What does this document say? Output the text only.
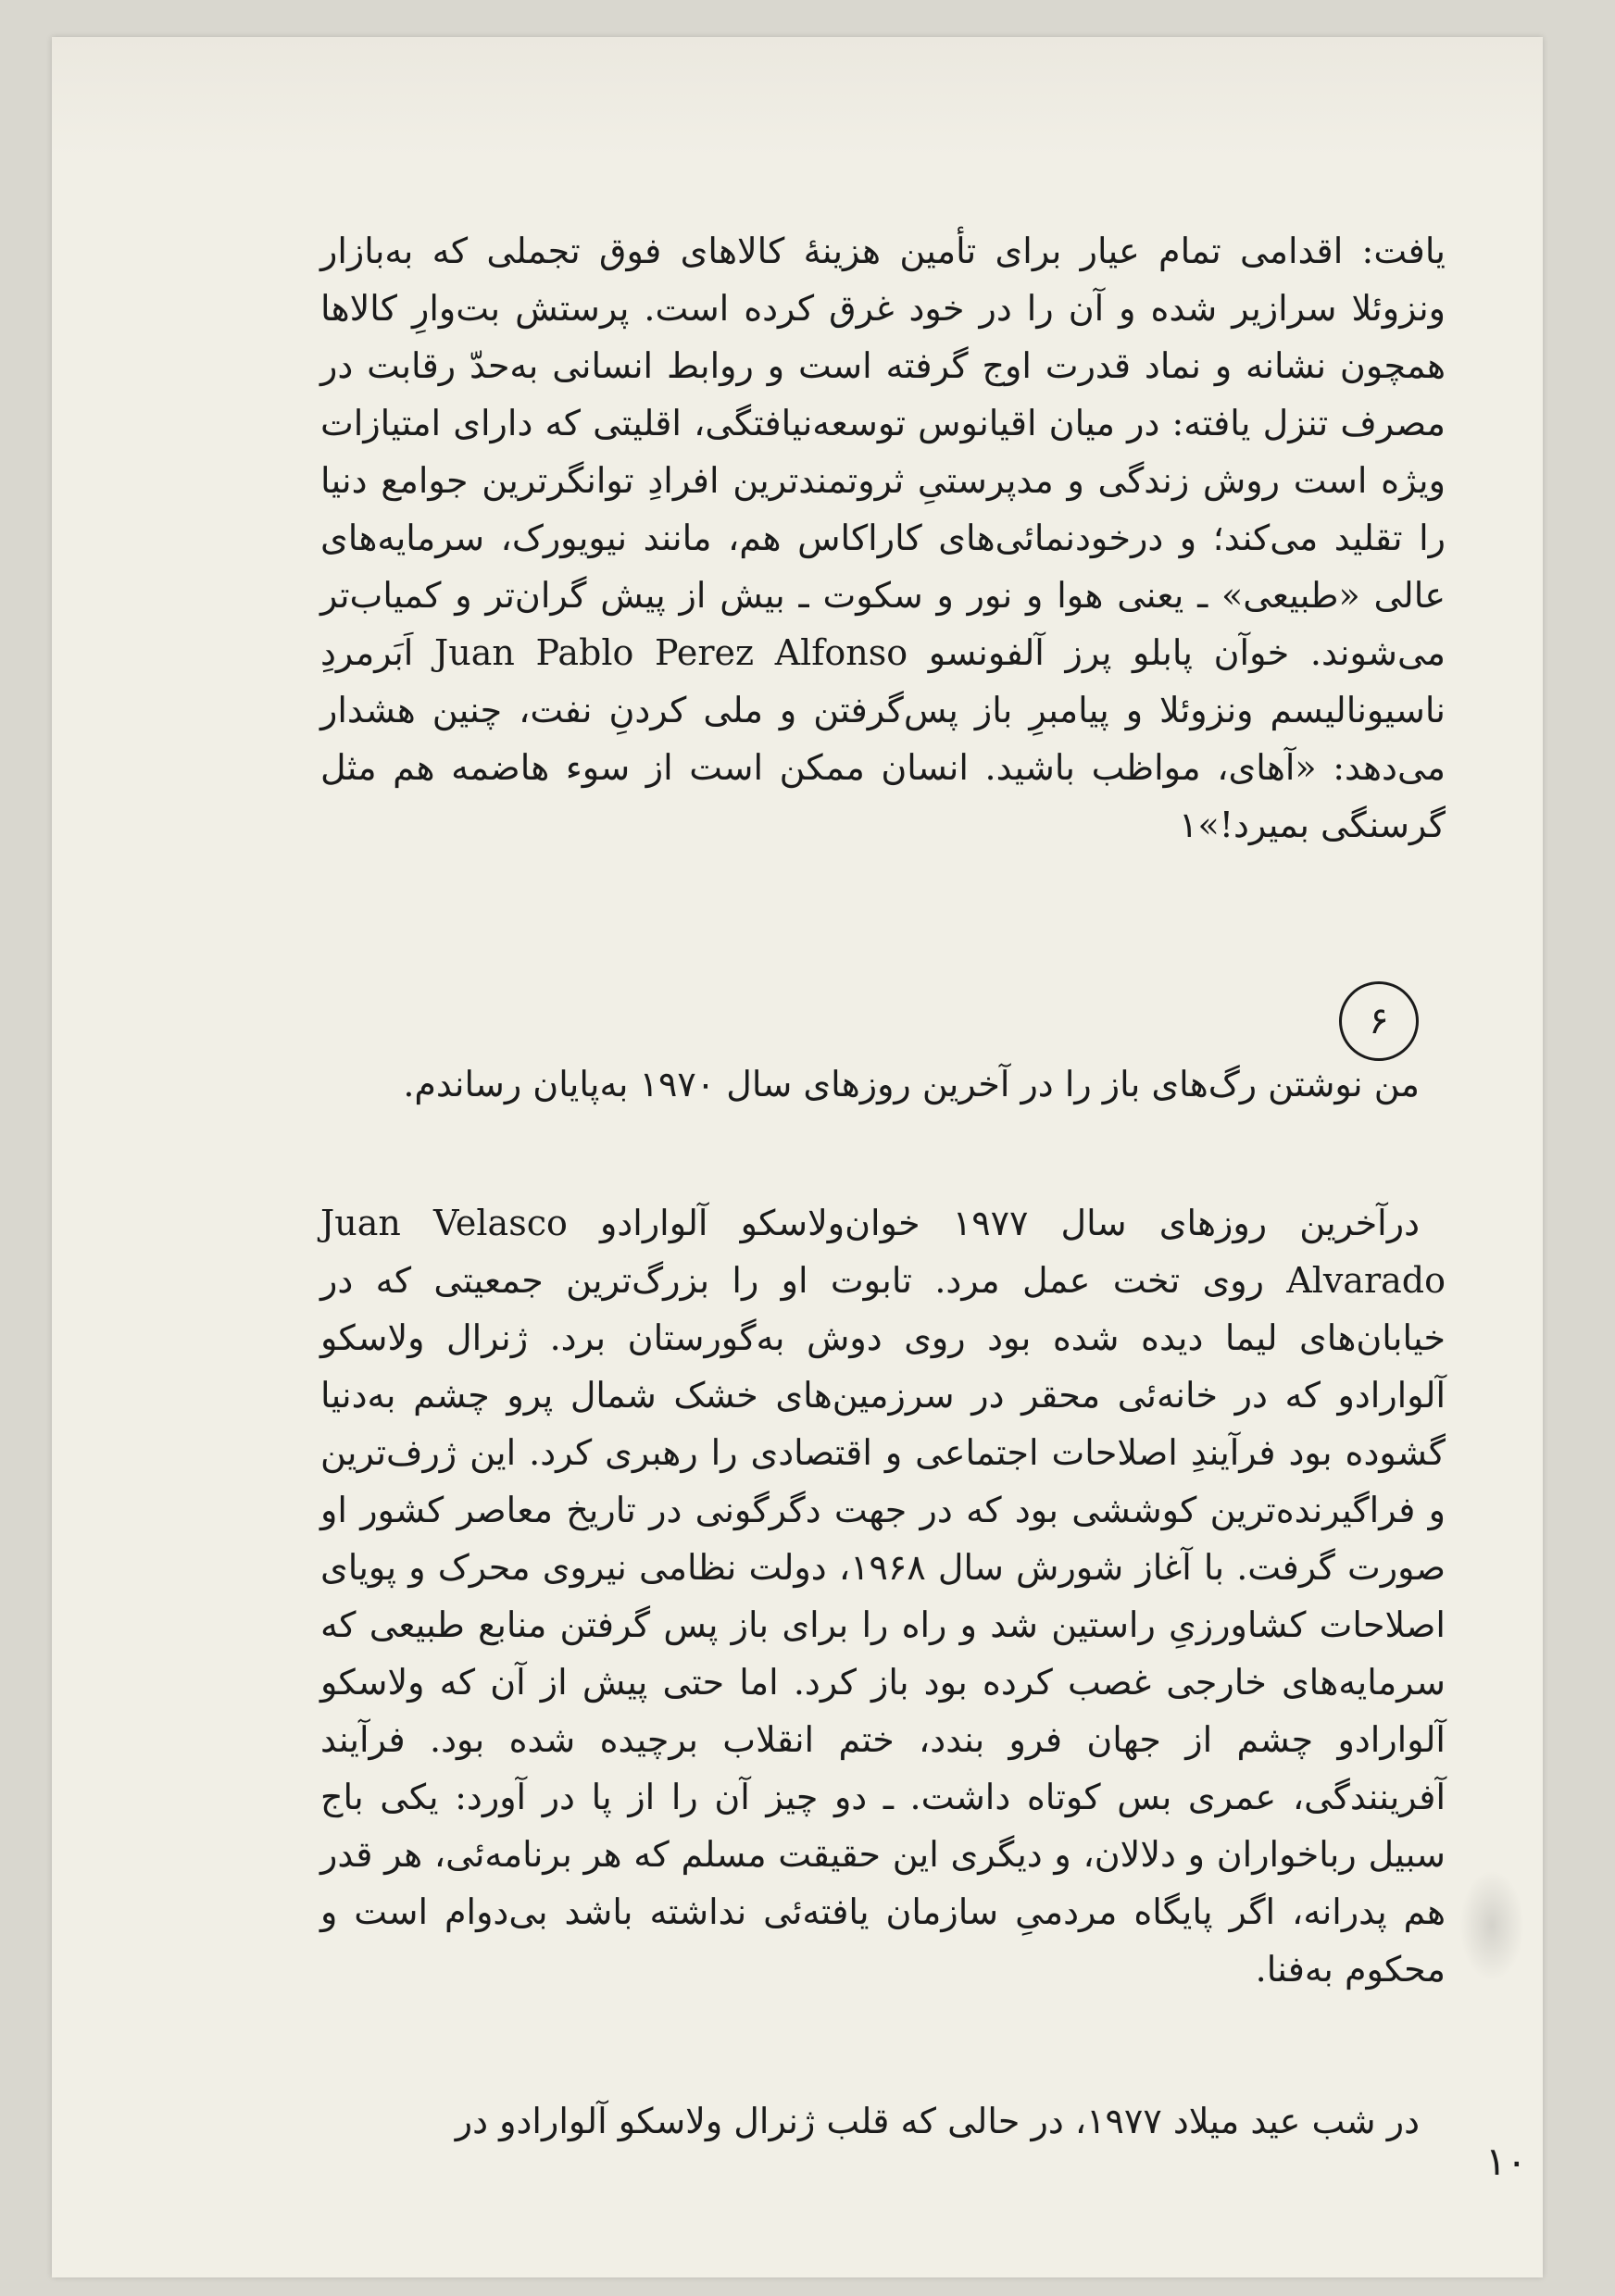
یافت: اقدامی تمام عیار برای تأمین هزینهٔ کالاهای فوق تجملی که به‌بازار ونزوئلا سرازیر شده و آن را در خود غرق کرده است. پرستش بت‌وارِ کالاها همچون نشانه و نماد قدرت اوج گرفته است و روابط انسانی به‌حدّ رقابت در مصرف تنزل یافته: در میان اقیانوس توسعه‌نیافتگی، اقلیتی که دارای امتیازات ویژه است روش زندگی و مدپرستیِ ثروتمندترین افرادِ توانگرترین جوامع دنیا را تقلید می‌کند؛ و درخودنمائی‌های کاراکاس هم، مانند نیویورک، سرمایه‌های عالی «طبیعی» ـ یعنی هوا و نور و سکوت ـ بیش از پیش گران‌تر و کمیاب‌تر می‌شوند. خوآن پابلو پرز آلفونسو Juan Pablo Perez Alfonso اَبَرمردِ ناسیونالیسم ونزوئلا و پیامبرِ باز پس‌گرفتن و ملی کردنِ نفت، چنین هشدار می‌دهد: «آهای، مواظب باشید. انسان ممکن است از سوء هاضمه هم مثل گرسنگی بمیرد!»۱

۶

من نوشتن رگ‌های باز را در آخرین روزهای سال ۱۹۷۰ به‌پایان رساندم.

درآخرین روزهای سال ۱۹۷۷ خوان‌ولاسکو آلوارادو Juan Velasco Alvarado روی تخت عمل مرد. تابوت او را بزرگ‌ترین جمعیتی که در خیابان‌های لیما دیده شده بود روی دوش به‌گورستان برد. ژنرال ولاسکو آلوارادو که در خانه‌ئی محقر در سرزمین‌های خشک شمال پرو چشم به‌دنیا گشوده بود فرآیندِ اصلاحات اجتماعی و اقتصادی را رهبری کرد. این ژرف‌ترین و فراگیرنده‌ترین کوششی بود که در جهت دگرگونی در تاریخ معاصر کشور او صورت گرفت. با آغاز شورش سال ۱۹۶۸، دولت نظامی نیروی محرک و پویای اصلاحات کشاورزیِ راستین شد و راه را برای باز پس گرفتن منابع طبیعی که سرمایه‌های خارجی غصب کرده بود باز کرد. اما حتی پیش از آن که ولاسکو آلوارادو چشم از جهان فرو بندد، ختم انقلاب برچیده شده بود. فرآیند آفرینندگی، عمری بس کوتاه داشت. ـ دو چیز آن را از پا در آورد: یکی باج سبیل رباخواران و دلالان، و دیگری این حقیقت مسلم که هر برنامه‌ئی، هر قدر هم پدرانه، اگر پایگاه مردمیِ سازمان یافته‌ئی نداشته باشد بی‌دوام است و محکوم به‌فنا.

در شب عید میلاد ۱۹۷۷، در حالی که قلب ژنرال ولاسکو آلوارادو در

۱۰
